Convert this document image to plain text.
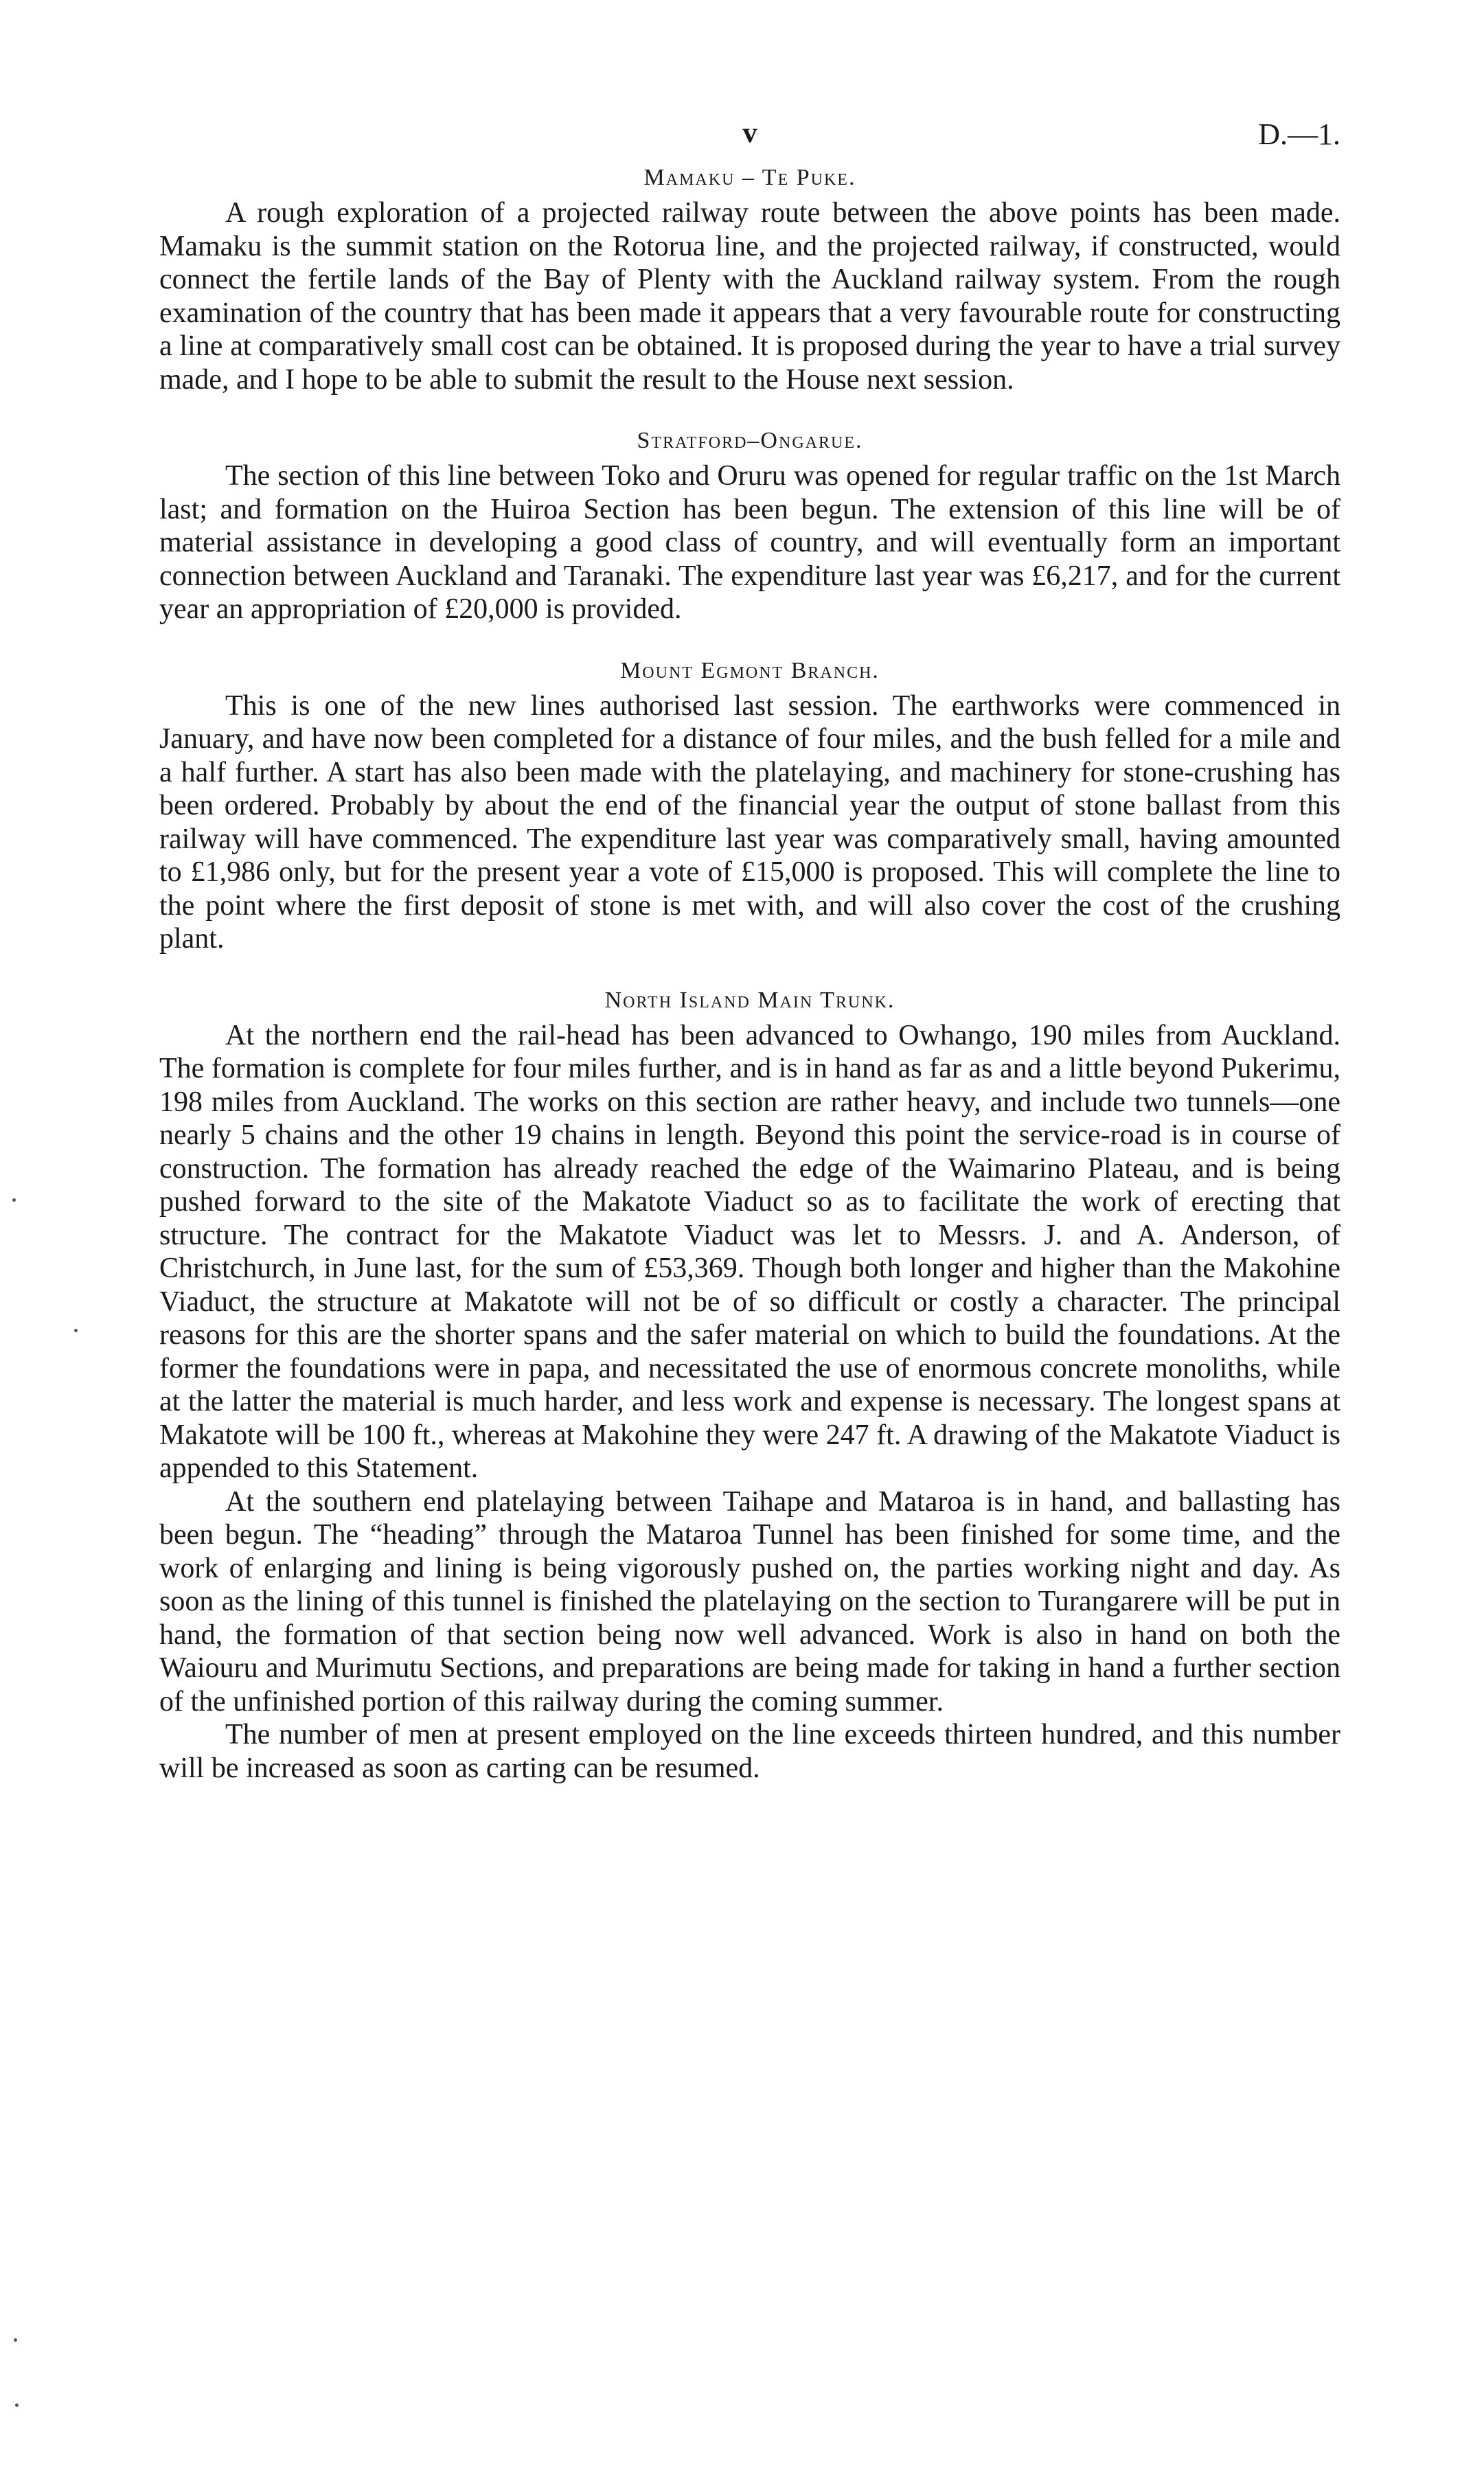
v	D.—1.
Mamaku – Te Puke.

A rough exploration of a projected railway route between the above points has been made. Mamaku is the summit station on the Rotorua line, and the projected railway, if constructed, would connect the fertile lands of the Bay of Plenty with the Auckland railway system. From the rough examination of the country that has been made it appears that a very favourable route for constructing a line at comparatively small cost can be obtained. It is proposed during the year to have a trial survey made, and I hope to be able to submit the result to the House next session.

Stratford–Ongarue.

The section of this line between Toko and Oruru was opened for regular traffic on the 1st March last; and formation on the Huiroa Section has been begun. The extension of this line will be of material assistance in developing a good class of country, and will eventually form an important connection between Auckland and Taranaki. The expenditure last year was £6,217, and for the current year an appropriation of £20,000 is provided.

Mount Egmont Branch.

This is one of the new lines authorised last session. The earthworks were commenced in January, and have now been completed for a distance of four miles, and the bush felled for a mile and a half further. A start has also been made with the platelaying, and machinery for stone-crushing has been ordered. Probably by about the end of the financial year the output of stone ballast from this railway will have commenced. The expenditure last year was comparatively small, having amounted to £1,986 only, but for the present year a vote of £15,000 is proposed. This will complete the line to the point where the first deposit of stone is met with, and will also cover the cost of the crushing plant.

North Island Main Trunk.

At the northern end the rail-head has been advanced to Owhango, 190 miles from Auckland. The formation is complete for four miles further, and is in hand as far as and a little beyond Pukerimu, 198 miles from Auckland. The works on this section are rather heavy, and include two tunnels—one nearly 5 chains and the other 19 chains in length. Beyond this point the service-road is in course of construction. The formation has already reached the edge of the Waimarino Plateau, and is being pushed forward to the site of the Makatote Viaduct so as to facilitate the work of erecting that structure. The contract for the Makatote Viaduct was let to Messrs. J. and A. Anderson, of Christchurch, in June last, for the sum of £53,369. Though both longer and higher than the Makohine Viaduct, the structure at Makatote will not be of so difficult or costly a character. The principal reasons for this are the shorter spans and the safer material on which to build the foundations. At the former the foundations were in papa, and necessitated the use of enormous concrete monoliths, while at the latter the material is much harder, and less work and expense is necessary. The longest spans at Makatote will be 100 ft., whereas at Makohine they were 247 ft. A drawing of the Makatote Viaduct is appended to this Statement.

At the southern end platelaying between Taihape and Mataroa is in hand, and ballasting has been begun. The “heading” through the Mataroa Tunnel has been finished for some time, and the work of enlarging and lining is being vigorously pushed on, the parties working night and day. As soon as the lining of this tunnel is finished the platelaying on the section to Turangarere will be put in hand, the formation of that section being now well advanced. Work is also in hand on both the Waiouru and Murimutu Sections, and preparations are being made for taking in hand a further section of the unfinished portion of this railway during the coming summer.

The number of men at present employed on the line exceeds thirteen hundred, and this number will be increased as soon as carting can be resumed.
